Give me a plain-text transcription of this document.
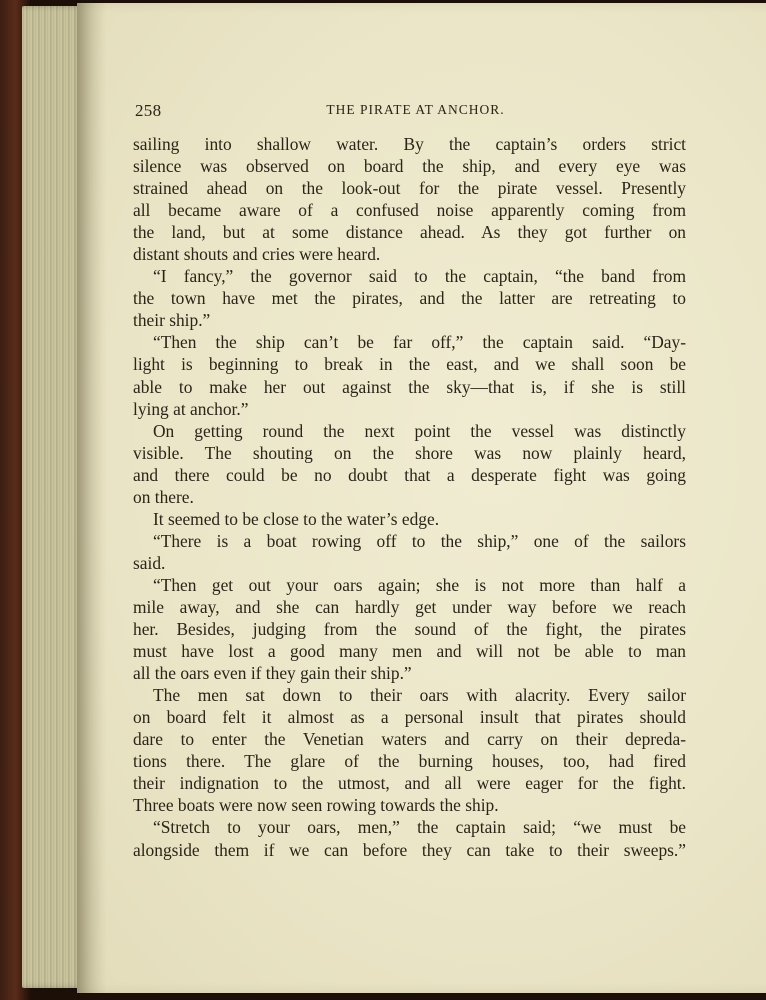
258	THE PIRATE AT ANCHOR.
sailing into shallow water. By the captain’s orders strict
silence was observed on board the ship, and every eye was
strained ahead on the look-out for the pirate vessel. Presently
all became aware of a confused noise apparently coming from
the land, but at some distance ahead. As they got further on
distant shouts and cries were heard.
“I fancy,” the governor said to the captain, “the band from
the town have met the pirates, and the latter are retreating to
their ship.”
“Then the ship can’t be far off,” the captain said. “Day-
light is beginning to break in the east, and we shall soon be
able to make her out against the sky—that is, if she is still
lying at anchor.”
On getting round the next point the vessel was distinctly
visible. The shouting on the shore was now plainly heard,
and there could be no doubt that a desperate fight was going
on there.
It seemed to be close to the water’s edge.
“There is a boat rowing off to the ship,” one of the sailors
said.
“Then get out your oars again; she is not more than half a
mile away, and she can hardly get under way before we reach
her. Besides, judging from the sound of the fight, the pirates
must have lost a good many men and will not be able to man
all the oars even if they gain their ship.”
The men sat down to their oars with alacrity. Every sailor
on board felt it almost as a personal insult that pirates should
dare to enter the Venetian waters and carry on their depreda-
tions there. The glare of the burning houses, too, had fired
their indignation to the utmost, and all were eager for the fight.
Three boats were now seen rowing towards the ship.
“Stretch to your oars, men,” the captain said; “we must be
alongside them if we can before they can take to their sweeps.”
